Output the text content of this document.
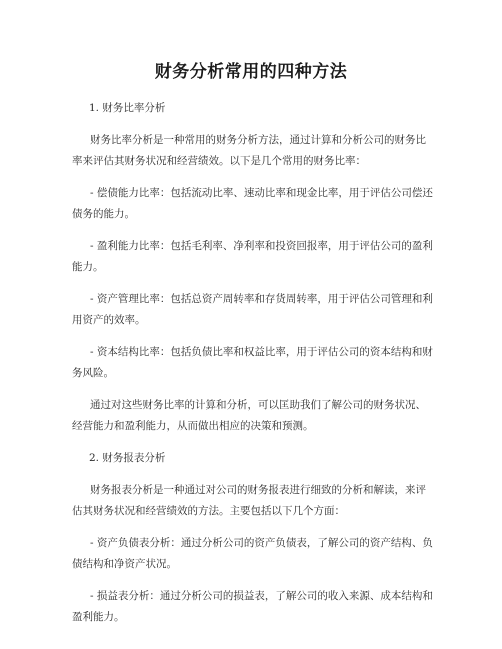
财务分析常用的四种方法
1. 财务比率分析
财务比率分析是一种常用的财务分析方法，通过计算和分析公司的财务比率来评估其财务状况和经营绩效。以下是几个常用的财务比率：
- 偿债能力比率：包括流动比率、速动比率和现金比率，用于评估公司偿还债务的能力。
- 盈利能力比率：包括毛利率、净利率和投资回报率，用于评估公司的盈利能力。
- 资产管理比率：包括总资产周转率和存货周转率，用于评估公司管理和利用资产的效率。
- 资本结构比率：包括负债比率和权益比率，用于评估公司的资本结构和财务风险。
通过对这些财务比率的计算和分析，可以匡助我们了解公司的财务状况、经营能力和盈利能力，从而做出相应的决策和预测。
2. 财务报表分析
财务报表分析是一种通过对公司的财务报表进行细致的分析和解读，来评估其财务状况和经营绩效的方法。主要包括以下几个方面：
- 资产负债表分析：通过分析公司的资产负债表，了解公司的资产结构、负债结构和净资产状况。
- 损益表分析：通过分析公司的损益表，了解公司的收入来源、成本结构和盈利能力。
